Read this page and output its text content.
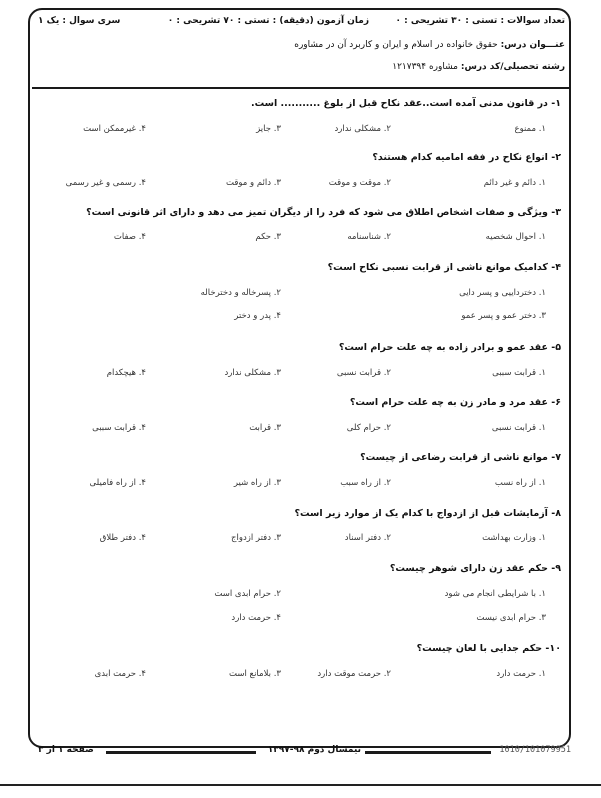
تعداد سوالات : تستی : ۳۰ تشریحی : ۰
زمان آزمون (دقیقه) : تستی : ۷۰ تشریحی : ۰
سری سوال : یک ۱
عنـــوان درس: حقوق خانواده در اسلام و ایران و کاربرد آن در مشاوره
رشته تحصیلی/کد درس: مشاوره ۱۲۱۷۳۹۴
۱- در قانون مدنی آمده است..عقد نکاح قبل از بلوغ ........... است.
۱. ممنوع
۲. مشکلی ندارد
۳. جایز
۴. غیرممکن است
۲- انواع نکاح در فقه امامیه کدام هستند؟
۱. دائم و غیر دائم
۲. موقت و موقت
۳. دائم و موقت
۴. رسمی و غیر رسمی
۳- ویژگی و صفات اشخاص اطلاق می شود که فرد را از دیگران تمیز می دهد و دارای اثر قانونی است؟
۱. احوال شخصیه
۲. شناسنامه
۳. حکم
۴. صفات
۴- کدامیک موانع ناشی از قرابت نسبی نکاح است؟
۱. دخترداییی و پسر دایی
۲. پسرخاله و دخترخاله
۳. دختر عمو و پسر عمو
۴. پدر و دختر
۵- عقد عمو و برادر زاده به چه علت حرام است؟
۱. قرابت سببی
۲. قرابت نسبی
۳. مشکلی ندارد
۴. هیچکدام
۶- عقد مرد و مادر زن به چه علت حرام است؟
۱. قرابت نسبی
۲. حرام کلی
۳. قرابت
۴. قرابت سببی
۷- موانع ناشی از قرابت رضاعی از چیست؟
۱. از راه نسب
۲. از راه سبب
۳. از راه شیر
۴. از راه فامیلی
۸- آزمایشات قبل از ازدواج با کدام یک از موارد زیر است؟
۱. وزارت بهداشت
۲. دفتر اسناد
۳. دفتر ازدواج
۴. دفتر طلاق
۹- حکم عقد زن دارای شوهر چیست؟
۱. با شرایطی انجام می شود
۲. حرام ابدی است
۳. حرام ابدی نیست
۴. حرمت دارد
۱۰- حکم جدایی با لعان چیست؟
۱. حرمت دارد
۲. حرمت موقت دارد
۳. بلامانع است
۴. حرمت ابدی
1010/101079951
نیمسال دوم ۹۸-۱۳۹۷
صفحه ۱ از ۳
